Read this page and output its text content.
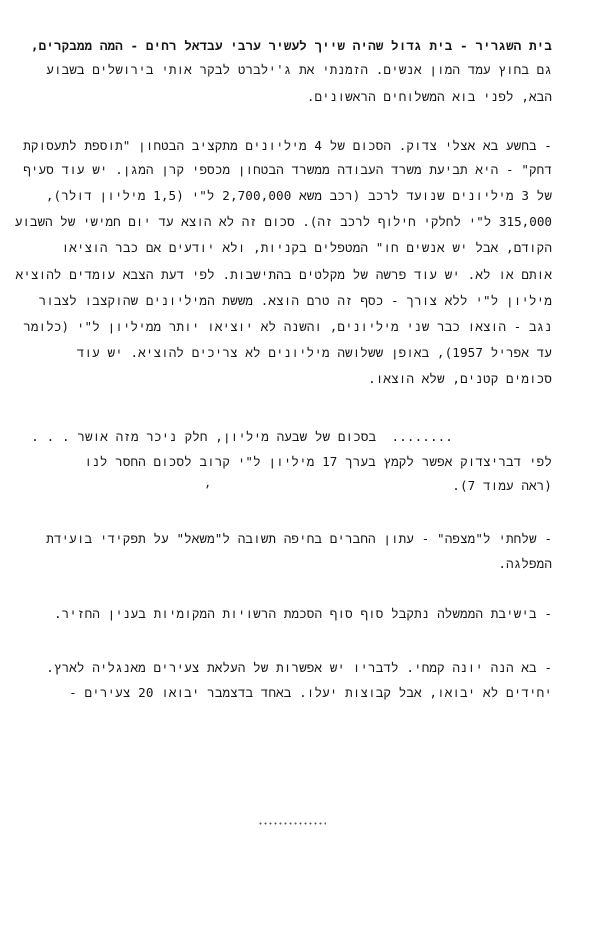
בית השגריר - בית גדול שהיה שייך לעשיר ערבי עבדאל רחים - המה ממבקרים,
גם בחוץ עמד המון אנשים. הזמנתי את ג'ילברט לבקר אותי בירושלים בשבוע
הבא, לפני בוא המשלוחים הראשונים.
- בחשע בא אצלי צדוק. הסכום של 4 מיליונים מתקציב הבטחון "תוספת לתעסוקת
דחק" - היא תביעת משרד העבודה ממשרד הבטחון מכספי קרן המגן. יש עוד סעיף
של 3 מיליונים שנועד לרכב (רכב משא 2,700,000 ל"י (1,5 מיליון דולר),
315,000 ל"י לחלקי חילוף לרכב זה). סכום זה לא הוצא עד יום חמישי של השבוע
הקודם, אבל יש אנשים חו" המטפלים בקניות, ולא יודעים אם כבר הוציאו
אותם או לא. יש עוד פרשה של מקלטים בהתישבות. לפי דעת הצבא עומדים להוציא
מיליון ל"י ללא צורך - כסף זה טרם הוצא. מששת המיליונים שהוקצבו לצבור
נגב - הוצאו כבר שני מיליונים, והשנה לא יוציאו יותר ממיליון ל"י (כלומר
עד אפריל 1957), באופן ששלושה מיליונים לא צריכים להוציא. יש עוד
סכומים קטנים, שלא הוצאו.
........  בסכום של שבעה מיליון, חלק ניכר מזה אושר . . .
לפי דבריצדוק אפשר לקמץ בערך 17 מיליון ל"י קרוב לסכום החסר לנו
(ראה עמוד 7).
,
- שלחתי ל"מצפה" - עתון החברים בחיפה תשובה ל"משאל" על תפקידי בועידת
המפלגה.
- בישיבת הממשלה נתקבל סוף סוף הסכמת הרשויות המקומיות בענין החזיר.
- בא הנה יונה קמחי. לדבריו יש אפשרות של העלאת צעירים מאנגליה לארץ.
יחידים לא יבואו, אבל קבוצות יעלו. באחד בדצמבר יבואו 20 צעירים -
